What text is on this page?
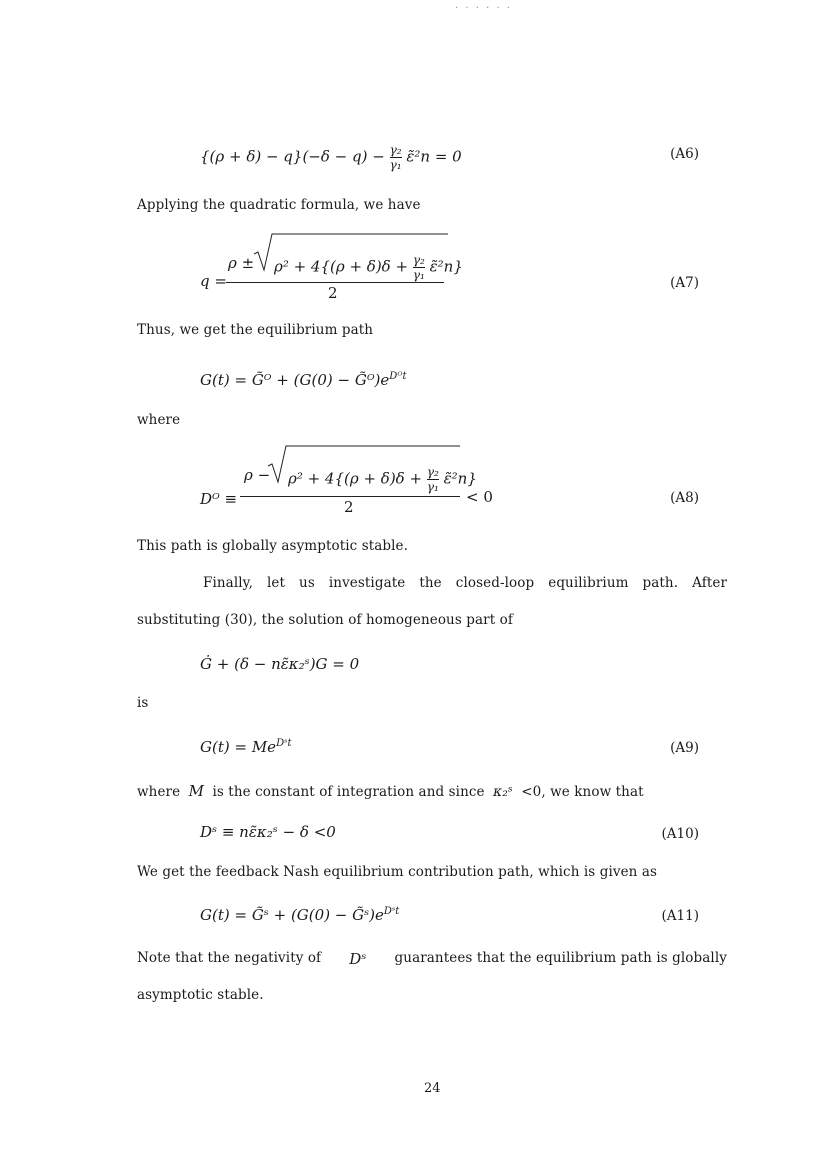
. . . . . .
$\{(\rho + \delta) - q\}(-\delta - q) - \frac{\text{γ₂}}{\text{γ₁}}$ ε̃²n = 0	(A6)
Applying the quadratic formula, we have
q =
$\rho \pm \rho^2 + 4\{(\rho + \delta)\delta + \frac{\text{γ₂}}{\text{γ₁}}$ ε̃²n}
2
(A7)
Thus, we get the equilibrium path
G(t) = G̃ᴼ + $(G(0) - G̃ᴼ)e^{Dᴼt}$
where
Dᴼ ≡
$\rho - \rho^2 + 4\{(\rho + \delta)\delta + \frac{\text{γ₂}}{\text{γ₁}}$ ε̃²n}
2
< 0	(A8)
This path is globally asymptotic stable.
Finally, let us investigate the closed-loop equilibrium path. After
substituting (30), the solution of homogeneous part of
Ġ + (δ − nε̃κ₂ˢ)G = 0
is
$G(t) = Me^{Dˢt}$	(A9)
where M is the constant of integration and since κ₂ˢ <0, we know that
Dˢ ≡ nε̃κ₂ˢ − δ <0	(A10)
We get the feedback Nash equilibrium contribution path, which is given as
G(t) = G̃ˢ + $(G(0) - G̃ˢ)e^{Dˢt}$	(A11)
Note that the negativity of Dˢ guarantees that the equilibrium path is globally
asymptotic stable.
24
